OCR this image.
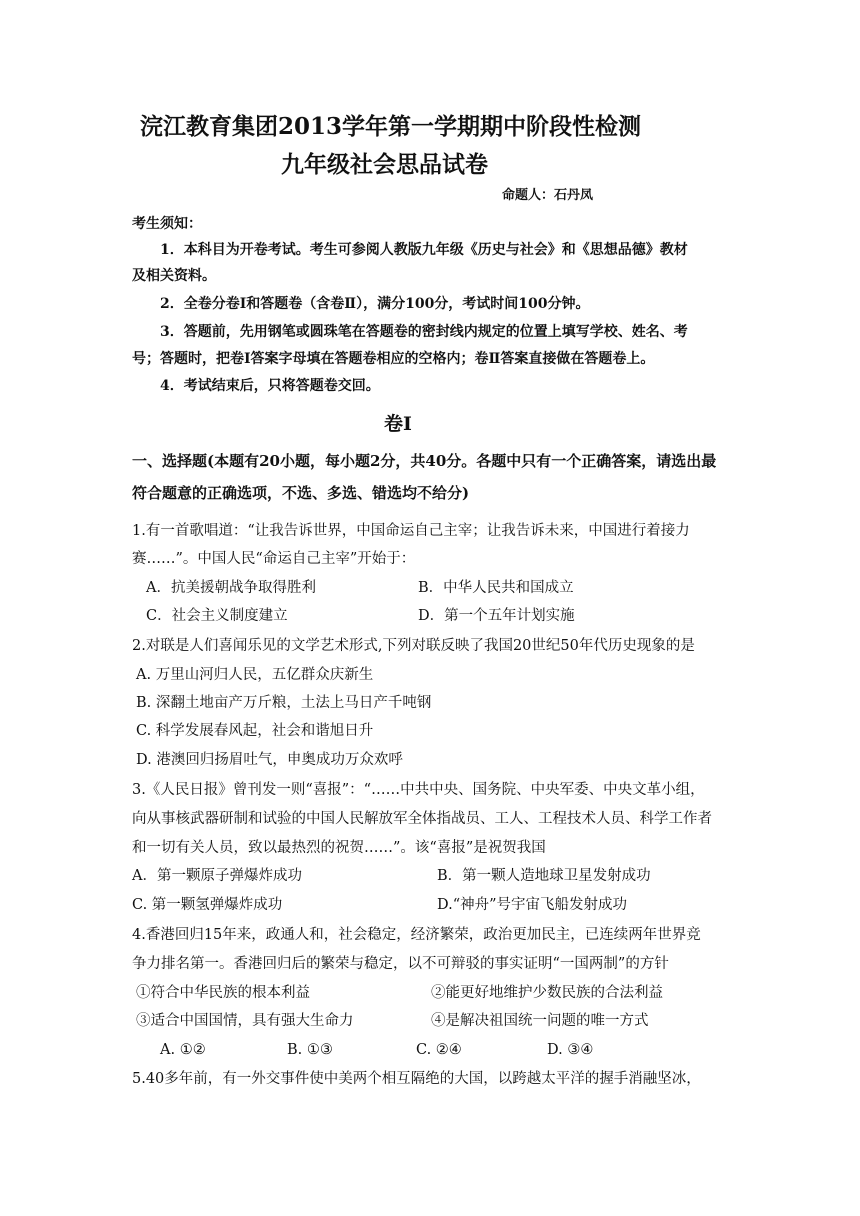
浣江教育集团2013学年第一学期期中阶段性检测
九年级社会思品试卷
命题人：石丹凤
考生须知：
1．本科目为开卷考试。考生可参阅人教版九年级《历史与社会》和《思想品德》教材
及相关资料。
2．全卷分卷Ⅰ和答题卷（含卷Ⅱ），满分100分，考试时间100分钟。
3．答题前，先用钢笔或圆珠笔在答题卷的密封线内规定的位置上填写学校、姓名、考
号；答题时，把卷Ⅰ答案字母填在答题卷相应的空格内；卷Ⅱ答案直接做在答题卷上。
4．考试结束后，只将答题卷交回。
卷Ⅰ
一、选择题(本题有20小题，每小题2分，共40分。各题中只有一个正确答案，请选出最
符合题意的正确选项，不选、多选、错选均不给分)
1.有一首歌唱道：“让我告诉世界，中国命运自己主宰；让我告诉未来，中国进行着接力
赛……”。中国人民“命运自己主宰”开始于：
A．抗美援朝战争取得胜利	B．中华人民共和国成立
C．社会主义制度建立	D．第一个五年计划实施
2.对联是人们喜闻乐见的文学艺术形式,下列对联反映了我国20世纪50年代历史现象的是
A. 万里山河归人民，五亿群众庆新生
B. 深翻土地亩产万斤粮，土法上马日产千吨钢
C. 科学发展春风起，社会和谐旭日升
D. 港澳回归扬眉吐气，申奥成功万众欢呼
3.《人民日报》曾刊发一则“喜报”：“……中共中央、国务院、中央军委、中央文革小组，
向从事核武器研制和试验的中国人民解放军全体指战员、工人、工程技术人员、科学工作者
和一切有关人员，致以最热烈的祝贺……”。该“喜报”是祝贺我国
A．第一颗原子弹爆炸成功	B．第一颗人造地球卫星发射成功
C. 第一颗氢弹爆炸成功	D.“神舟”号宇宙飞船发射成功
4.香港回归15年来，政通人和，社会稳定，经济繁荣，政治更加民主，已连续两年世界竞
争力排名第一。香港回归后的繁荣与稳定，以不可辩驳的事实证明“一国两制”的方针
①符合中华民族的根本利益	②能更好地维护少数民族的合法利益
③适合中国国情，具有强大生命力	④是解决祖国统一问题的唯一方式
A. ①②	B. ①③	C. ②④	D. ③④
5.40多年前，有一外交事件使中美两个相互隔绝的大国，以跨越太平洋的握手消融坚冰，
